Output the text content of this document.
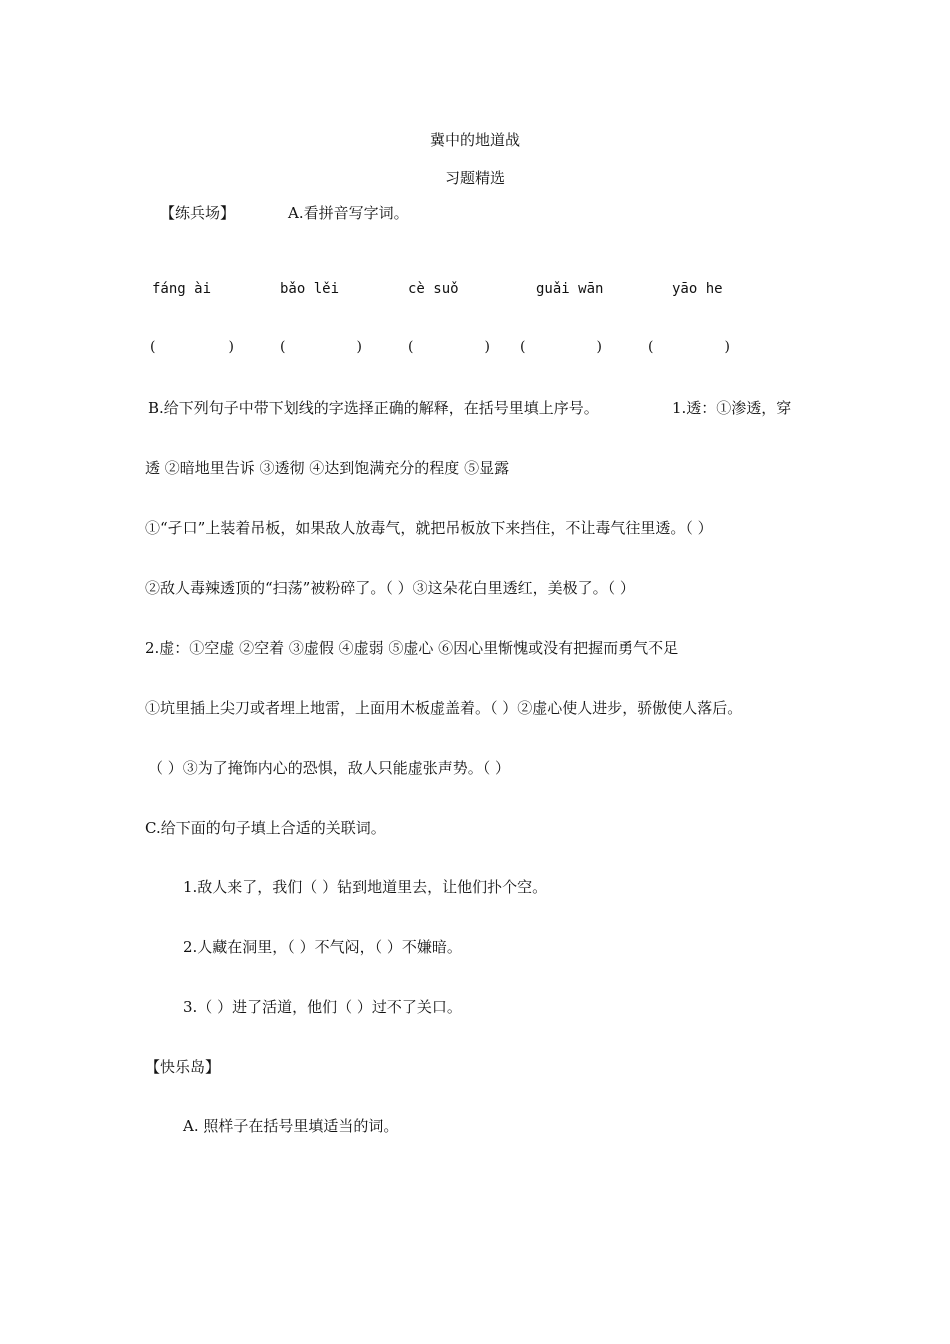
冀中的地道战
习题精选
【练兵场】	A.看拼音写字词。
fáng ài	bǎo lěi	cè suǒ	guǎi wān	yāo he
(	)	(	)	(	) (	)	(	)
B.给下列句子中带下划线的字选择正确的解释，在括号里填上序号。	1.透：①渗透，穿
透 ②暗地里告诉 ③透彻 ④达到饱满充分的程度 ⑤显露
①“孑口”上装着吊板，如果敌人放毒气，就把吊板放下来挡住，不让毒气往里透。（ ）
②敌人毒辣透顶的“扫荡”被粉碎了。（ ）③这朵花白里透红，美极了。（ ）
2.虚：①空虚 ②空着 ③虚假 ④虚弱 ⑤虚心 ⑥因心里惭愧或没有把握而勇气不足
①坑里插上尖刀或者埋上地雷，上面用木板虚盖着。（ ）②虚心使人进步，骄傲使人落后。
（ ）③为了掩饰内心的恐惧，敌人只能虚张声势。（ ）
C.给下面的句子填上合适的关联词。
1.敌人来了，我们（ ）钻到地道里去，让他们扑个空。
2.人藏在洞里，（ ）不气闷，（ ）不嫌暗。
3.（ ）进了活道，他们（ ）过不了关口。
【快乐岛】
A. 照样子在括号里填适当的词。
